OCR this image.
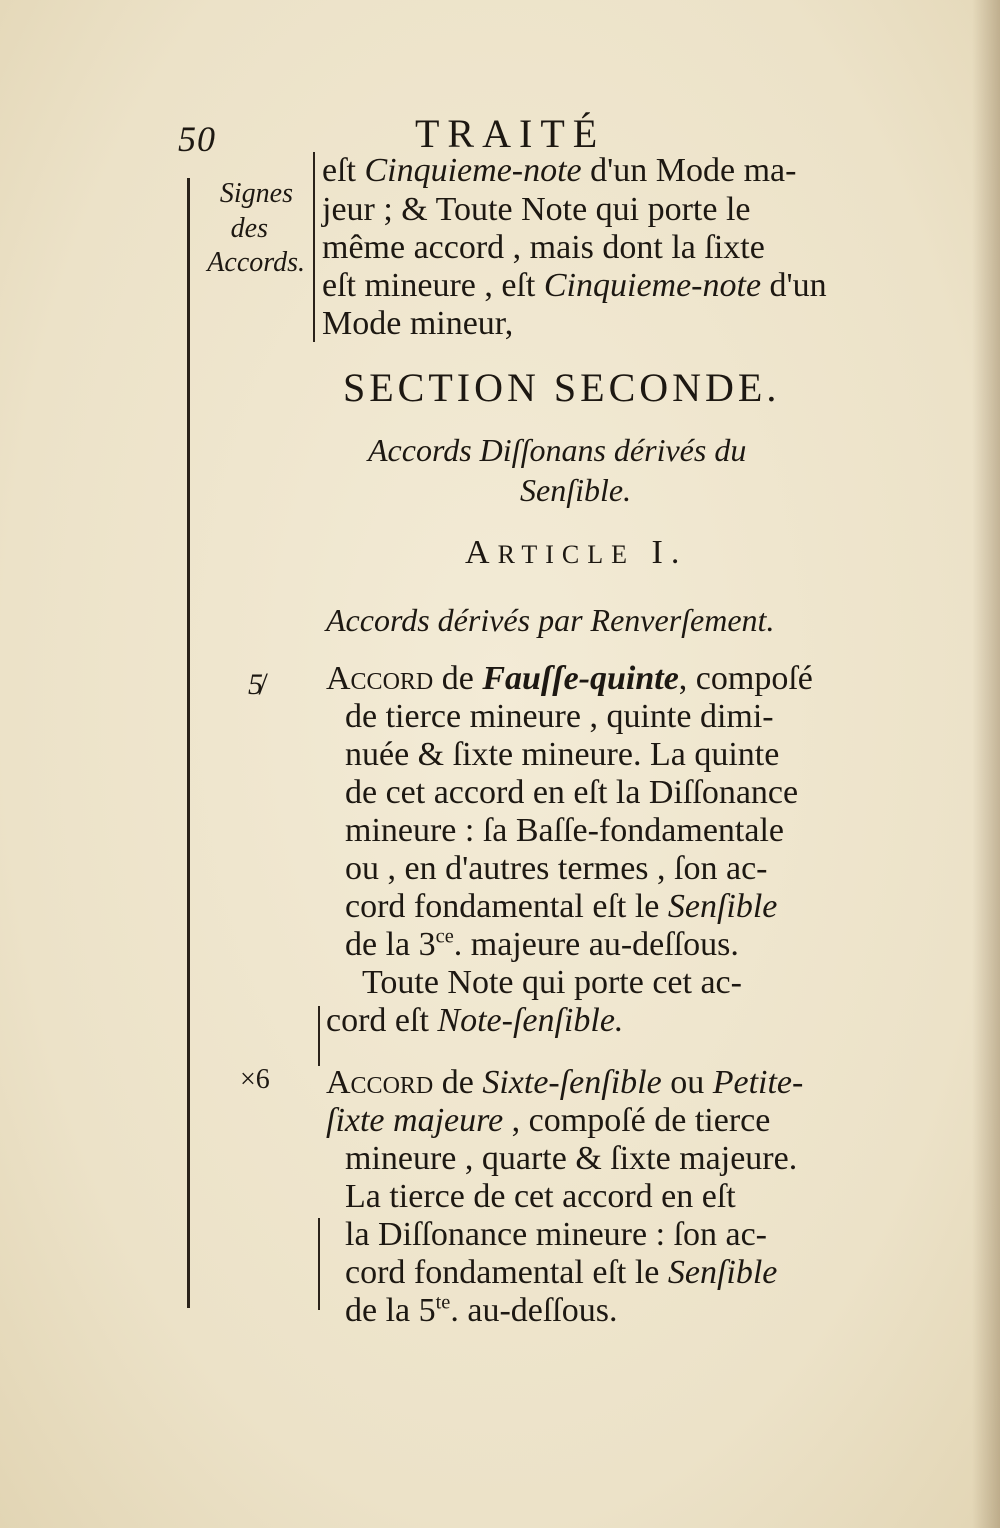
50	TRAITÉ
Signes
des
Accords.
5̸
×6
eſt Cinquieme-note d'un Mode ma-
jeur ; & Toute Note qui porte le
même accord , mais dont la ſixte
eſt mineure , eſt Cinquieme-note d'un
Mode mineur,
SECTION SECONDE.
Accords Diſſonans dérivés du
Senſible.
ARTICLE I.
Accords dérivés par Renverſement.
Accord de Fauſſe-quinte, compoſé
de tierce mineure , quinte dimi-
nuée & ſixte mineure. La quinte
de cet accord en eſt la Diſſonance
mineure : ſa Baſſe-fondamentale
ou , en d'autres termes , ſon ac-
cord fondamental eſt le Senſible
de la $3^{ce}$. majeure au-deſſous.
Toute Note qui porte cet ac-
cord eſt Note-ſenſible.
Accord de Sixte-ſenſible ou Petite-
ſixte majeure , compoſé de tierce
mineure , quarte & ſixte majeure.
La tierce de cet accord en eſt
la Diſſonance mineure : ſon ac-
cord fondamental eſt le Senſible
de la $5^{te}$. au-deſſous.
